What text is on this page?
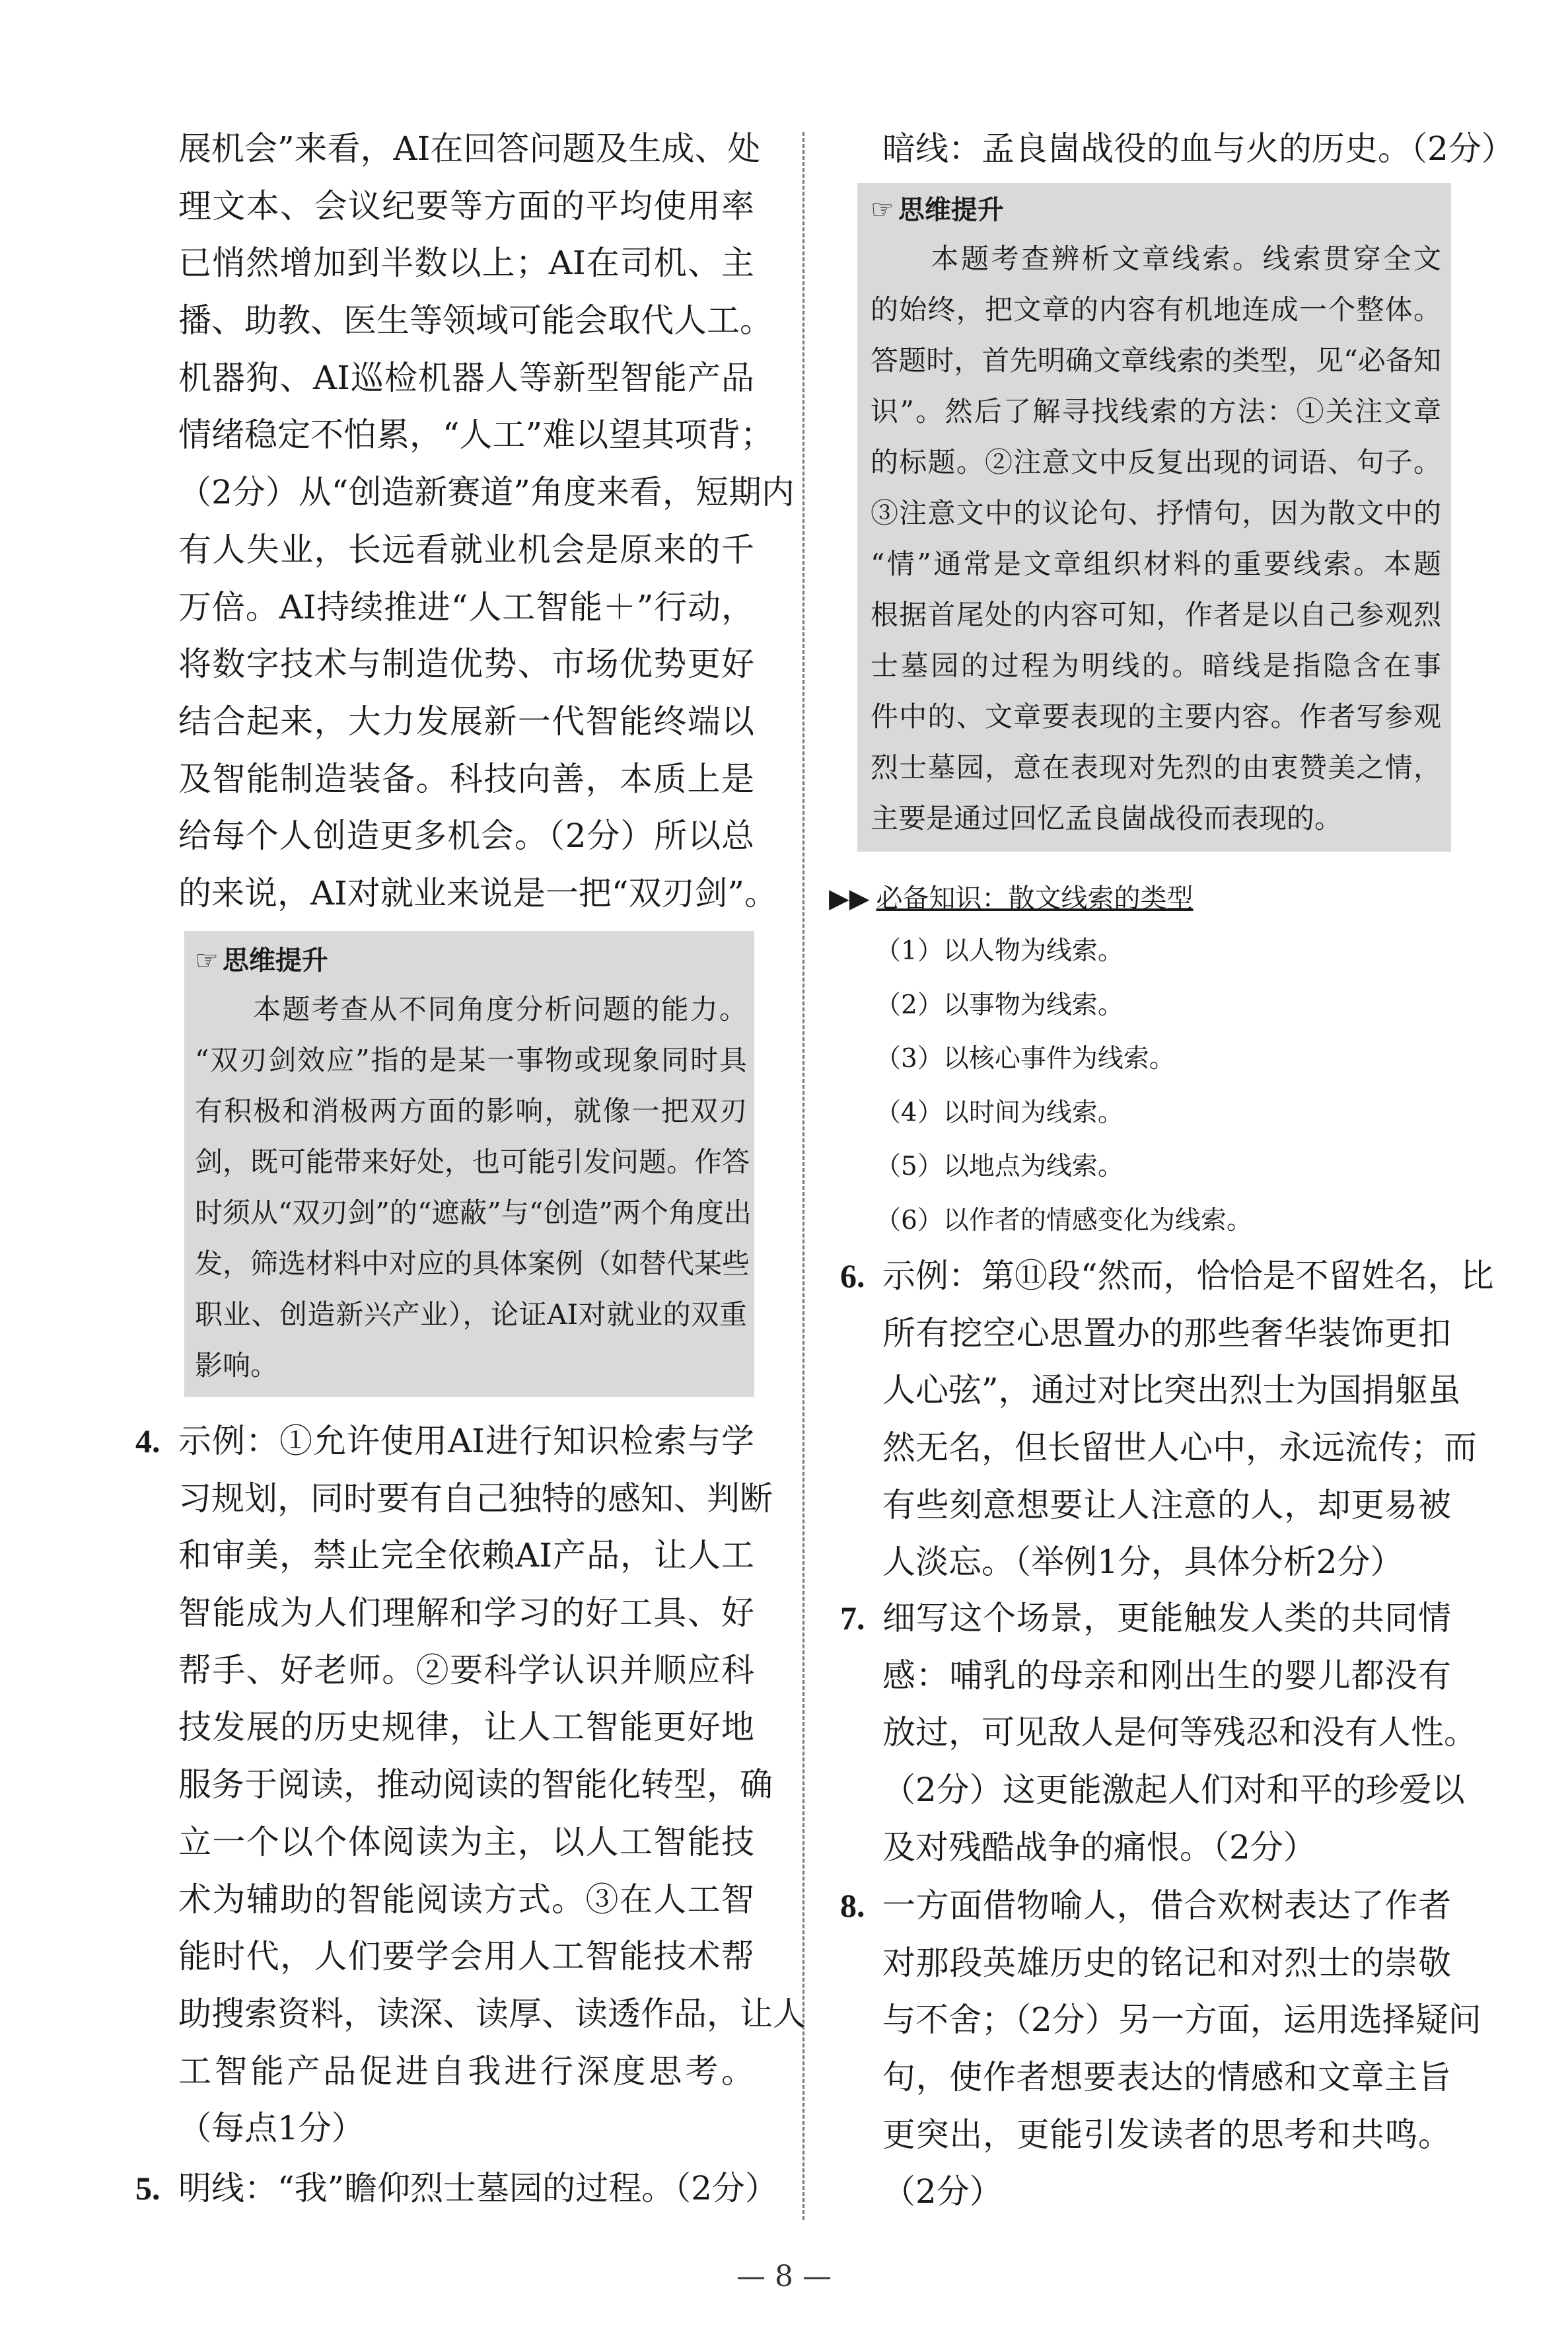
展机会”来看，AI在回答问题及生成、处
理文本、会议纪要等方面的平均使用率
已悄然增加到半数以上；AI在司机、主
播、助教、医生等领域可能会取代人工。
机器狗、AI巡检机器人等新型智能产品
情绪稳定不怕累，“人工”难以望其项背；
（2分）从“创造新赛道”角度来看，短期内
有人失业，长远看就业机会是原来的千
万倍。AI持续推进“人工智能＋”行动，
将数字技术与制造优势、市场优势更好
结合起来，大力发展新一代智能终端以
及智能制造装备。科技向善，本质上是
给每个人创造更多机会。（2分）所以总
的来说，AI对就业来说是一把“双刃剑”。
☞ 思维提升
　　本题考查从不同角度分析问题的能力。
“双刃剑效应”指的是某一事物或现象同时具
有积极和消极两方面的影响，就像一把双刃
剑，既可能带来好处，也可能引发问题。作答
时须从“双刃剑”的“遮蔽”与“创造”两个角度出
发，筛选材料中对应的具体案例（如替代某些
职业、创造新兴产业），论证AI对就业的双重
影响。
4. 示例：①允许使用AI进行知识检索与学
习规划，同时要有自己独特的感知、判断
和审美，禁止完全依赖AI产品，让人工
智能成为人们理解和学习的好工具、好
帮手、好老师。②要科学认识并顺应科
技发展的历史规律，让人工智能更好地
服务于阅读，推动阅读的智能化转型，确
立一个以个体阅读为主，以人工智能技
术为辅助的智能阅读方式。③在人工智
能时代，人们要学会用人工智能技术帮
助搜索资料，读深、读厚、读透作品，让人
工智能产品促进自我进行深度思考。
（每点1分）
5. 明线：“我”瞻仰烈士墓园的过程。（2分）
暗线：孟良崮战役的血与火的历史。（2分）
☞ 思维提升
　　本题考查辨析文章线索。线索贯穿全文
的始终，把文章的内容有机地连成一个整体。
答题时，首先明确文章线索的类型，见“必备知
识”。然后了解寻找线索的方法：①关注文章
的标题。②注意文中反复出现的词语、句子。
③注意文中的议论句、抒情句，因为散文中的
“情”通常是文章组织材料的重要线索。本题
根据首尾处的内容可知，作者是以自己参观烈
士墓园的过程为明线的。暗线是指隐含在事
件中的、文章要表现的主要内容。作者写参观
烈士墓园，意在表现对先烈的由衷赞美之情，
主要是通过回忆孟良崮战役而表现的。
▶▶ 必备知识：散文线索的类型
（1）以人物为线索。
（2）以事物为线索。
（3）以核心事件为线索。
（4）以时间为线索。
（5）以地点为线索。
（6）以作者的情感变化为线索。
6. 示例：第⑪段“然而，恰恰是不留姓名，比
所有挖空心思置办的那些奢华装饰更扣
人心弦”，通过对比突出烈士为国捐躯虽
然无名，但长留世人心中，永远流传；而
有些刻意想要让人注意的人，却更易被
人淡忘。（举例1分，具体分析2分）
7. 细写这个场景，更能触发人类的共同情
感：哺乳的母亲和刚出生的婴儿都没有
放过，可见敌人是何等残忍和没有人性。
（2分）这更能激起人们对和平的珍爱以
及对残酷战争的痛恨。（2分）
8. 一方面借物喻人，借合欢树表达了作者
对那段英雄历史的铭记和对烈士的崇敬
与不舍；（2分）另一方面，运用选择疑问
句，使作者想要表达的情感和文章主旨
更突出，更能引发读者的思考和共鸣。
（2分）
— 8 —
